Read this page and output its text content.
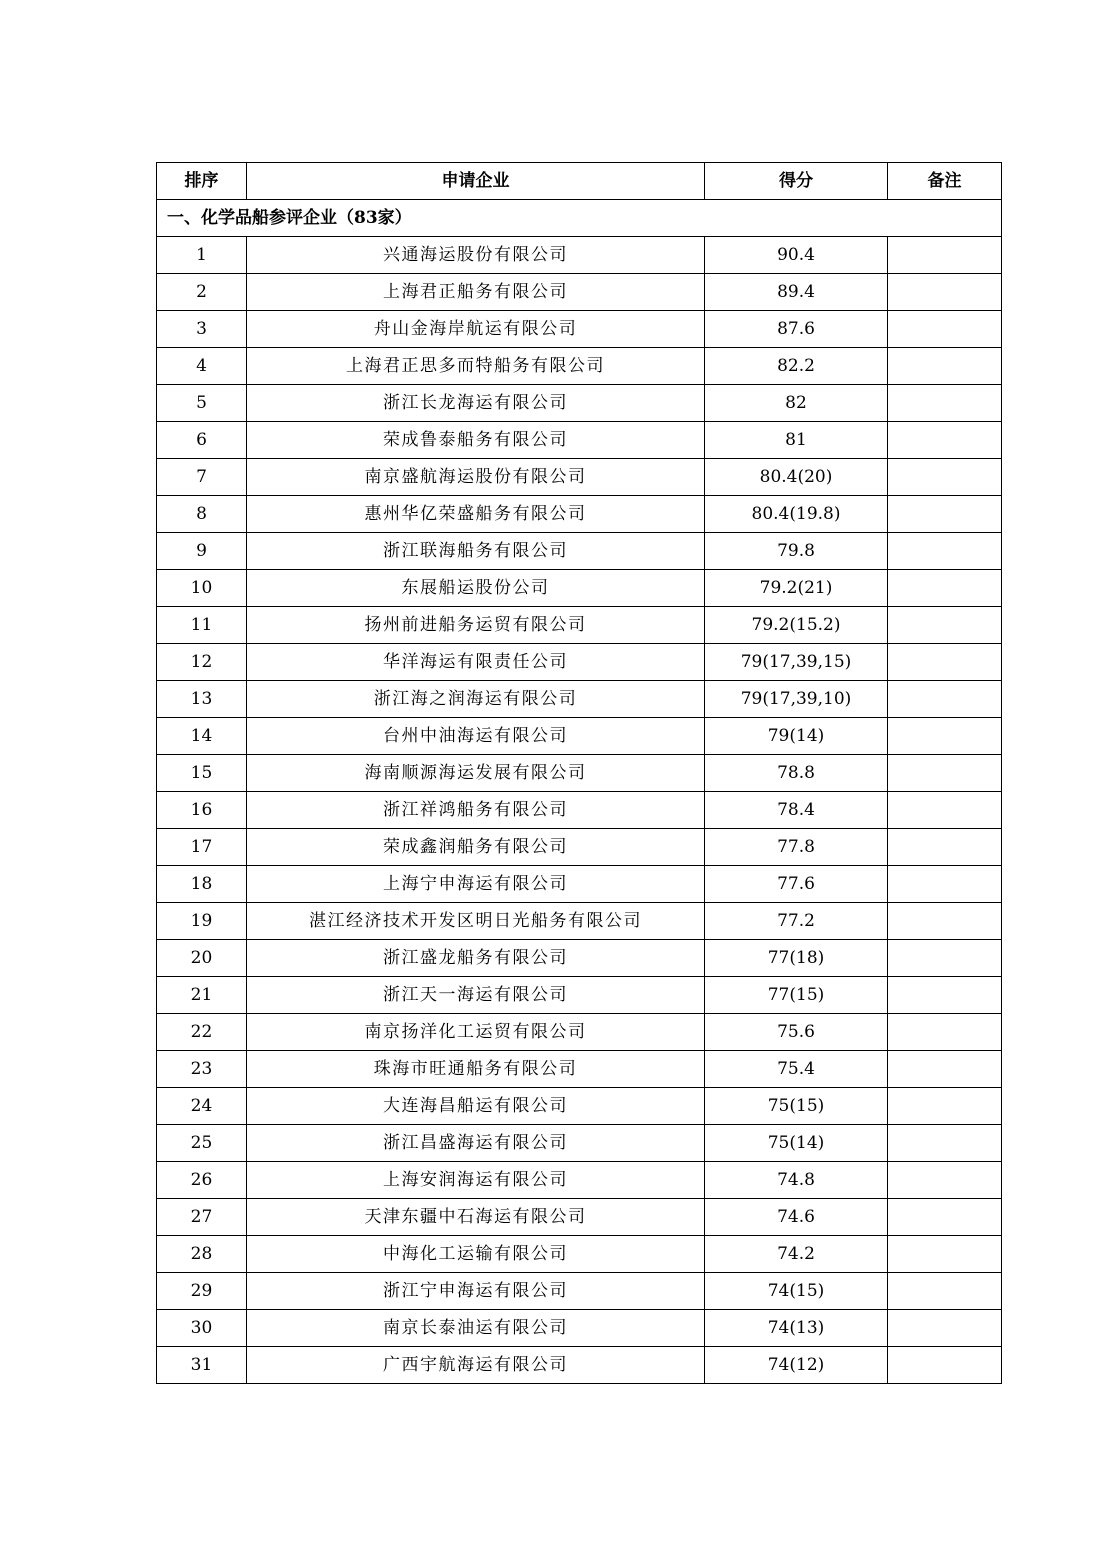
排序	申请企业	得分	备注
一、化学品船参评企业（83家）			
1	兴通海运股份有限公司	90.4	
2	上海君正船务有限公司	89.4	
3	舟山金海岸航运有限公司	87.6	
4	上海君正思多而特船务有限公司	82.2	
5	浙江长龙海运有限公司	82	
6	荣成鲁泰船务有限公司	81	
7	南京盛航海运股份有限公司	80.4(20)	
8	惠州华亿荣盛船务有限公司	80.4(19.8)	
9	浙江联海船务有限公司	79.8	
10	东展船运股份公司	79.2(21)	
11	扬州前进船务运贸有限公司	79.2(15.2)	
12	华洋海运有限责任公司	79(17,39,15)	
13	浙江海之润海运有限公司	79(17,39,10)	
14	台州中油海运有限公司	79(14)	
15	海南顺源海运发展有限公司	78.8	
16	浙江祥鸿船务有限公司	78.4	
17	荣成鑫润船务有限公司	77.8	
18	上海宁申海运有限公司	77.6	
19	湛江经济技术开发区明日光船务有限公司	77.2	
20	浙江盛龙船务有限公司	77(18)	
21	浙江天一海运有限公司	77(15)	
22	南京扬洋化工运贸有限公司	75.6	
23	珠海市旺通船务有限公司	75.4	
24	大连海昌船运有限公司	75(15)	
25	浙江昌盛海运有限公司	75(14)	
26	上海安润海运有限公司	74.8	
27	天津东疆中石海运有限公司	74.6	
28	中海化工运输有限公司	74.2	
29	浙江宁申海运有限公司	74(15)	
30	南京长泰油运有限公司	74(13)	
31	广西宇航海运有限公司	74(12)	
